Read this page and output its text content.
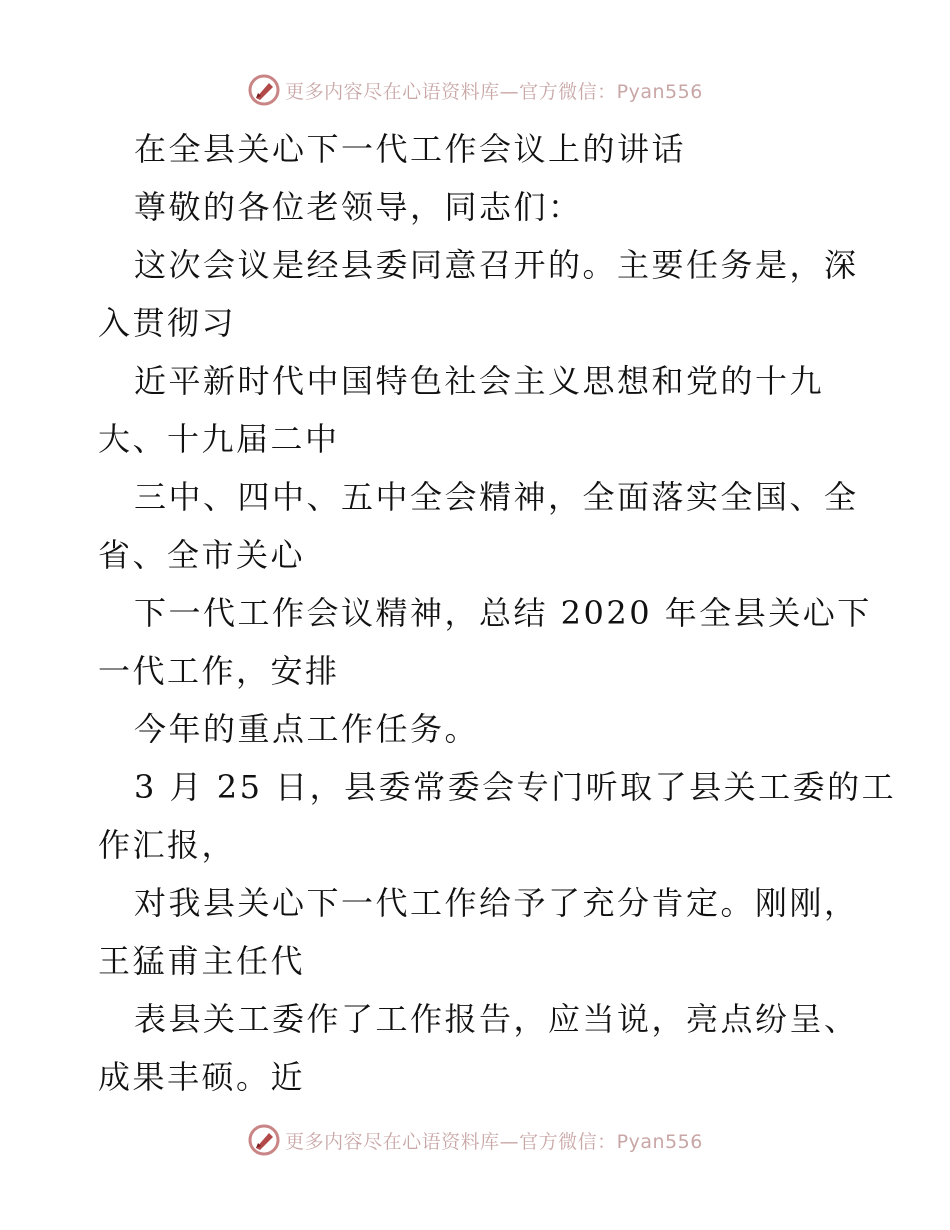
更多内容尽在心语资料库—官方微信：Pyan556
在全县关心下一代工作会议上的讲话
尊敬的各位老领导，同志们：
这次会议是经县委同意召开的。主要任务是，深
入贯彻习
近平新时代中国特色社会主义思想和党的十九
大、十九届二中
三中、四中、五中全会精神，全面落实全国、全
省、全市关心
下一代工作会议精神，总结 2020 年全县关心下
一代工作，安排
今年的重点工作任务。
3 月 25 日，县委常委会专门听取了县关工委的工
作汇报，
对我县关心下一代工作给予了充分肯定。刚刚，
王猛甫主任代
表县关工委作了工作报告，应当说，亮点纷呈、
成果丰硕。近
更多内容尽在心语资料库—官方微信：Pyan556
